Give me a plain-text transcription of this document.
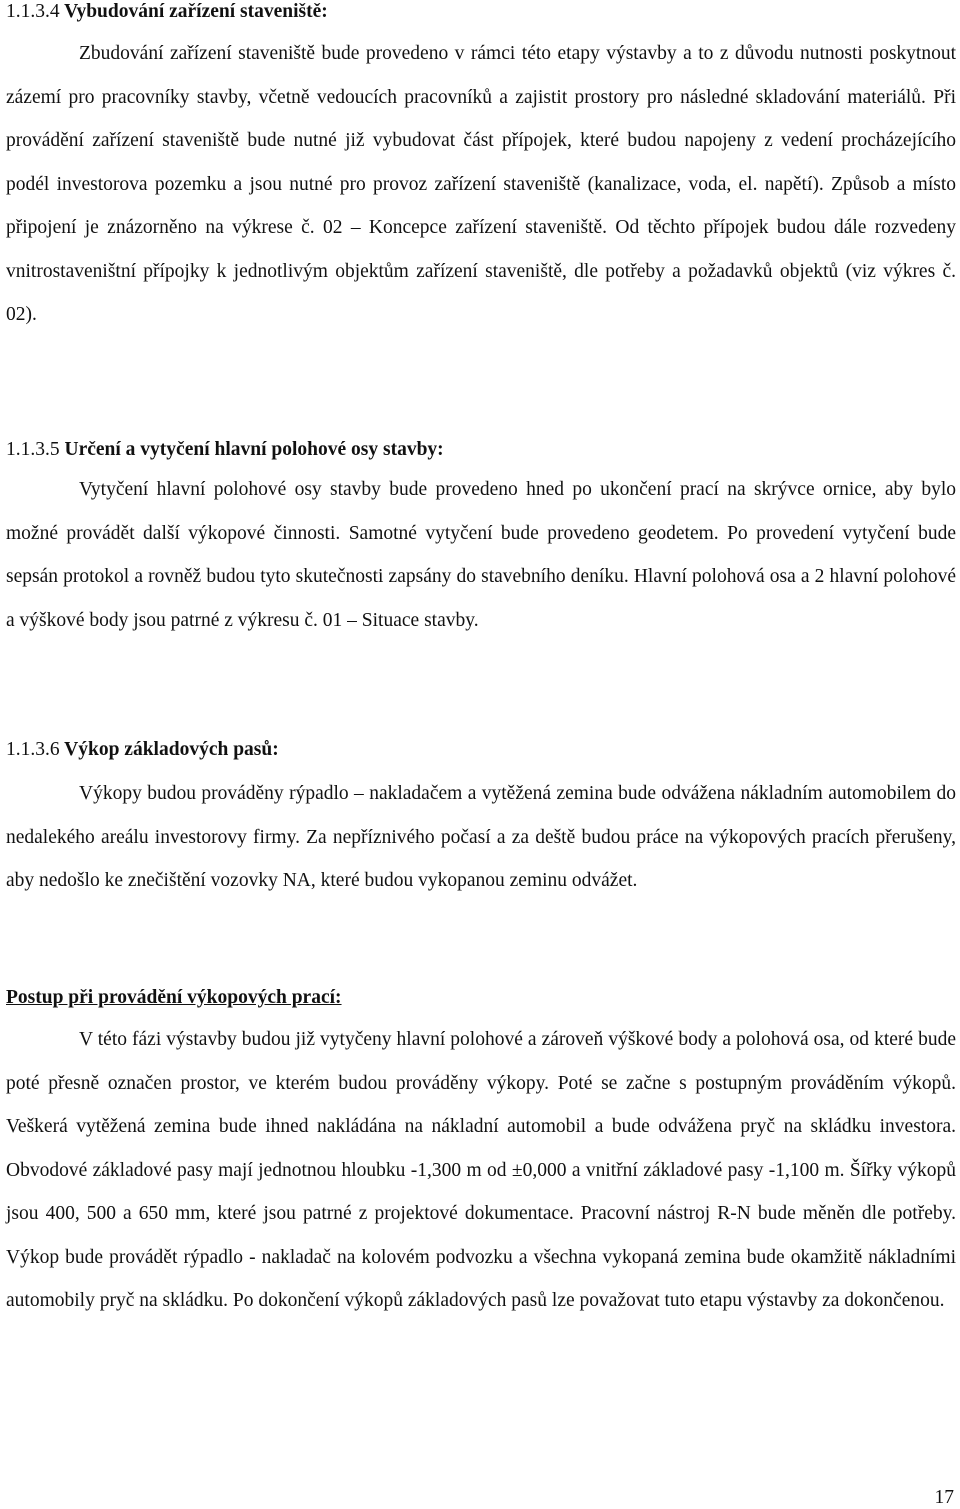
1.1.3.4 Vybudování zařízení staveniště:

Zbudování zařízení staveniště bude provedeno v rámci této etapy výstavby a to z důvodu nutnosti poskytnout zázemí pro pracovníky stavby, včetně vedoucích pracovníků a zajistit prostory pro následné skladování materiálů. Při provádění zařízení staveniště bude nutné již vybudovat část přípojek, které budou napojeny z vedení procházejícího podél investorova pozemku a jsou nutné pro provoz zařízení staveniště (kanalizace, voda, el. napětí). Způsob a místo připojení je znázorněno na výkrese č. 02 – Koncepce zařízení staveniště. Od těchto přípojek budou dále rozvedeny vnitrostaveništní přípojky k jednotlivým objektům zařízení staveniště, dle potřeby a požadavků objektů (viz výkres č. 02).

1.1.3.5 Určení a vytyčení hlavní polohové osy stavby:

Vytyčení hlavní polohové osy stavby bude provedeno hned po ukončení prací na skrývce ornice, aby bylo možné provádět další výkopové činnosti. Samotné vytyčení bude provedeno geodetem. Po provedení vytyčení bude sepsán protokol a rovněž budou tyto skutečnosti zapsány do stavebního deníku. Hlavní polohová osa a 2 hlavní polohové a výškové body jsou patrné z výkresu č. 01 – Situace stavby.

1.1.3.6 Výkop základových pasů:

Výkopy budou prováděny rýpadlo – nakladačem a vytěžená zemina bude odvážena nákladním automobilem do nedalekého areálu investorovy firmy. Za nepříznivého počasí a za deště budou práce na výkopových pracích přerušeny, aby nedošlo ke znečištění vozovky NA, které budou vykopanou zeminu odvážet.

Postup při provádění výkopových prací:

V této fázi výstavby budou již vytyčeny hlavní polohové a zároveň výškové body a polohová osa, od které bude poté přesně označen prostor, ve kterém budou prováděny výkopy. Poté se začne s postupným prováděním výkopů. Veškerá vytěžená zemina bude ihned nakládána na nákladní automobil a bude odvážena pryč na skládku investora. Obvodové základové pasy mají jednotnou hloubku -1,300 m od ±0,000 a vnitřní základové pasy -1,100 m. Šířky výkopů jsou 400, 500 a 650 mm, které jsou patrné z projektové dokumentace. Pracovní nástroj R-N bude měněn dle potřeby. Výkop bude provádět rýpadlo - nakladač na kolovém podvozku a všechna vykopaná zemina bude okamžitě nákladními automobily pryč na skládku. Po dokončení výkopů základových pasů lze považovat tuto etapu výstavby za dokončenou.

17
